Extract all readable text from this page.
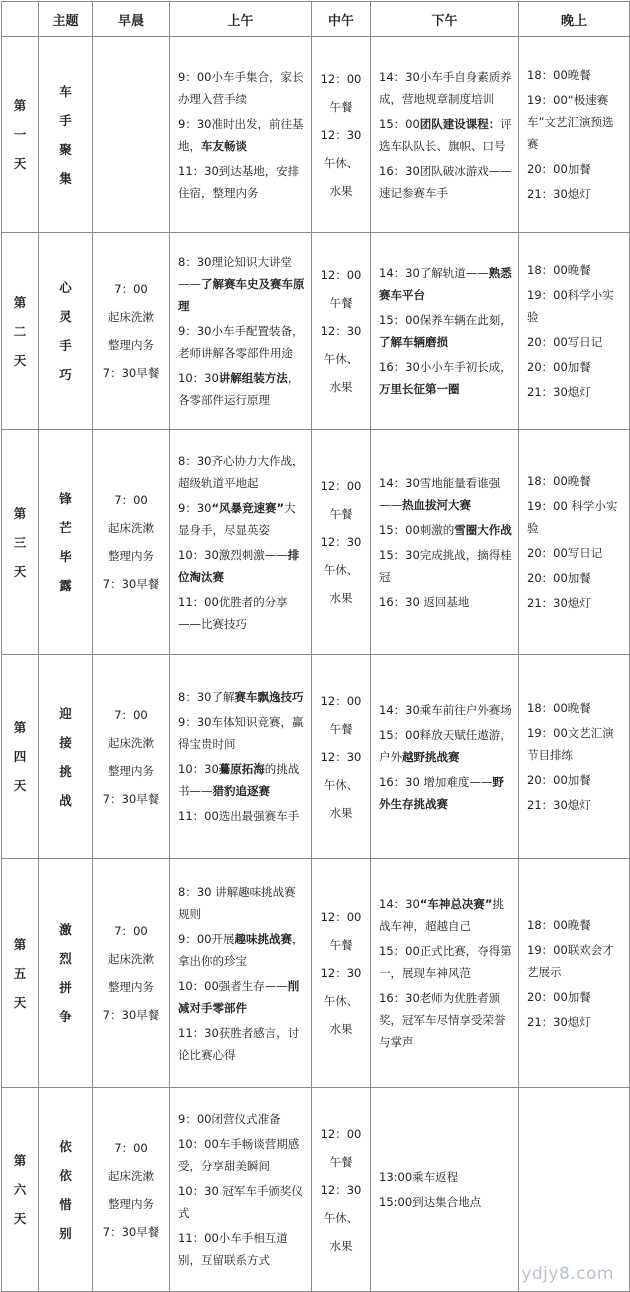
	主题	早晨	上午	中午	下午	晚上

第
一
天	车
手
聚
集		9：00小车手集合，家长办理入营手续
9：30准时出发，前往基地，车友畅谈
11：30到达基地，安排住宿，整理内务	12：00
午餐
12：30
午休、
水果	14：30小车手自身素质养成，营地规章制度培训
15：00团队建设课程：评选车队队长、旗帜、口号
16：30团队破冰游戏——速记参赛车手	18：00晚餐
19：00“极速赛车”文艺汇演预选赛
20：00加餐
21：30熄灯

第
二
天	心
灵
手
巧	7：00
起床洗漱
整理内务
7：30早餐	8：30理论知识大讲堂——了解赛车史及赛车原理
9：30小车手配置装备，老师讲解各零部件用途
10：30讲解组装方法，各零部件运行原理	12：00
午餐
12：30
午休、
水果	14：30了解轨道——熟悉赛车平台
15：00保养车辆在此刻，了解车辆磨损
16：30小小车手初长成，万里长征第一圈	18：00晚餐
19：00科学小实验
20：00写日记
20：00加餐
21：30熄灯

第
三
天	锋
芒
毕
露	7：00
起床洗漱
整理内务
7：30早餐	8：30齐心协力大作战，超级轨道平地起
9：30“风暴竞速赛”大显身手，尽显英姿
10：30激烈刺激——排位淘汰赛
11：00优胜者的分享——比赛技巧	12：00
午餐
12：30
午休、
水果	14：30雪地能量看谁强——热血拔河大赛
15：00刺激的雪圈大作战
15：30完成挑战，摘得桂冠
16：30 返回基地	18：00晚餐
19：00 科学小实验
20：00写日记
20：00加餐
21：30熄灯

第
四
天	迎
接
挑
战	7：00
起床洗漱
整理内务
7：30早餐	8：30了解赛车飘逸技巧
9：30车体知识竞赛，赢得宝贵时间
10：30驀原拓海的挑战书——猎豹追逐赛
11：00选出最强赛车手	12：00
午餐
12：30
午休、
水果	14：30乘车前往户外赛场
15：00释放天赋任遨游，户外越野挑战赛
16：30 增加难度——野外生存挑战赛	18：00晚餐
19：00文艺汇演节目排练
20：00加餐
21：30熄灯

第
五
天	激
烈
拼
争	7：00
起床洗漱
整理内务
7：30早餐	8：30 讲解趣味挑战赛规则
9：00开展趣味挑战赛，拿出你的珍宝
10：00强者生存——削减对手零部件
11：30获胜者感言，讨论比赛心得	12：00
午餐
12：30
午休、
水果	14：30“车神总决赛”挑战车神，超越自己
15：00正式比赛，夺得第一，展现车神风范
16：30老师为优胜者颁奖，冠军车尽情享受荣誉与掌声	18：00晚餐
19：00联欢会才艺展示
20：00加餐
21：30熄灯

第
六
天	依
依
惜
别	7：00
起床洗漱
整理内务
7：30早餐	9：00闭营仪式准备
10：00车手畅谈营期感受，分享甜美瞬间
10：30 冠军车手颁奖仪式
11：00小车手相互道别，互留联系方式	12：00
午餐
12：30
午休、
水果	13:00乘车返程
15:00到达集合地点	

ydjy8.com
